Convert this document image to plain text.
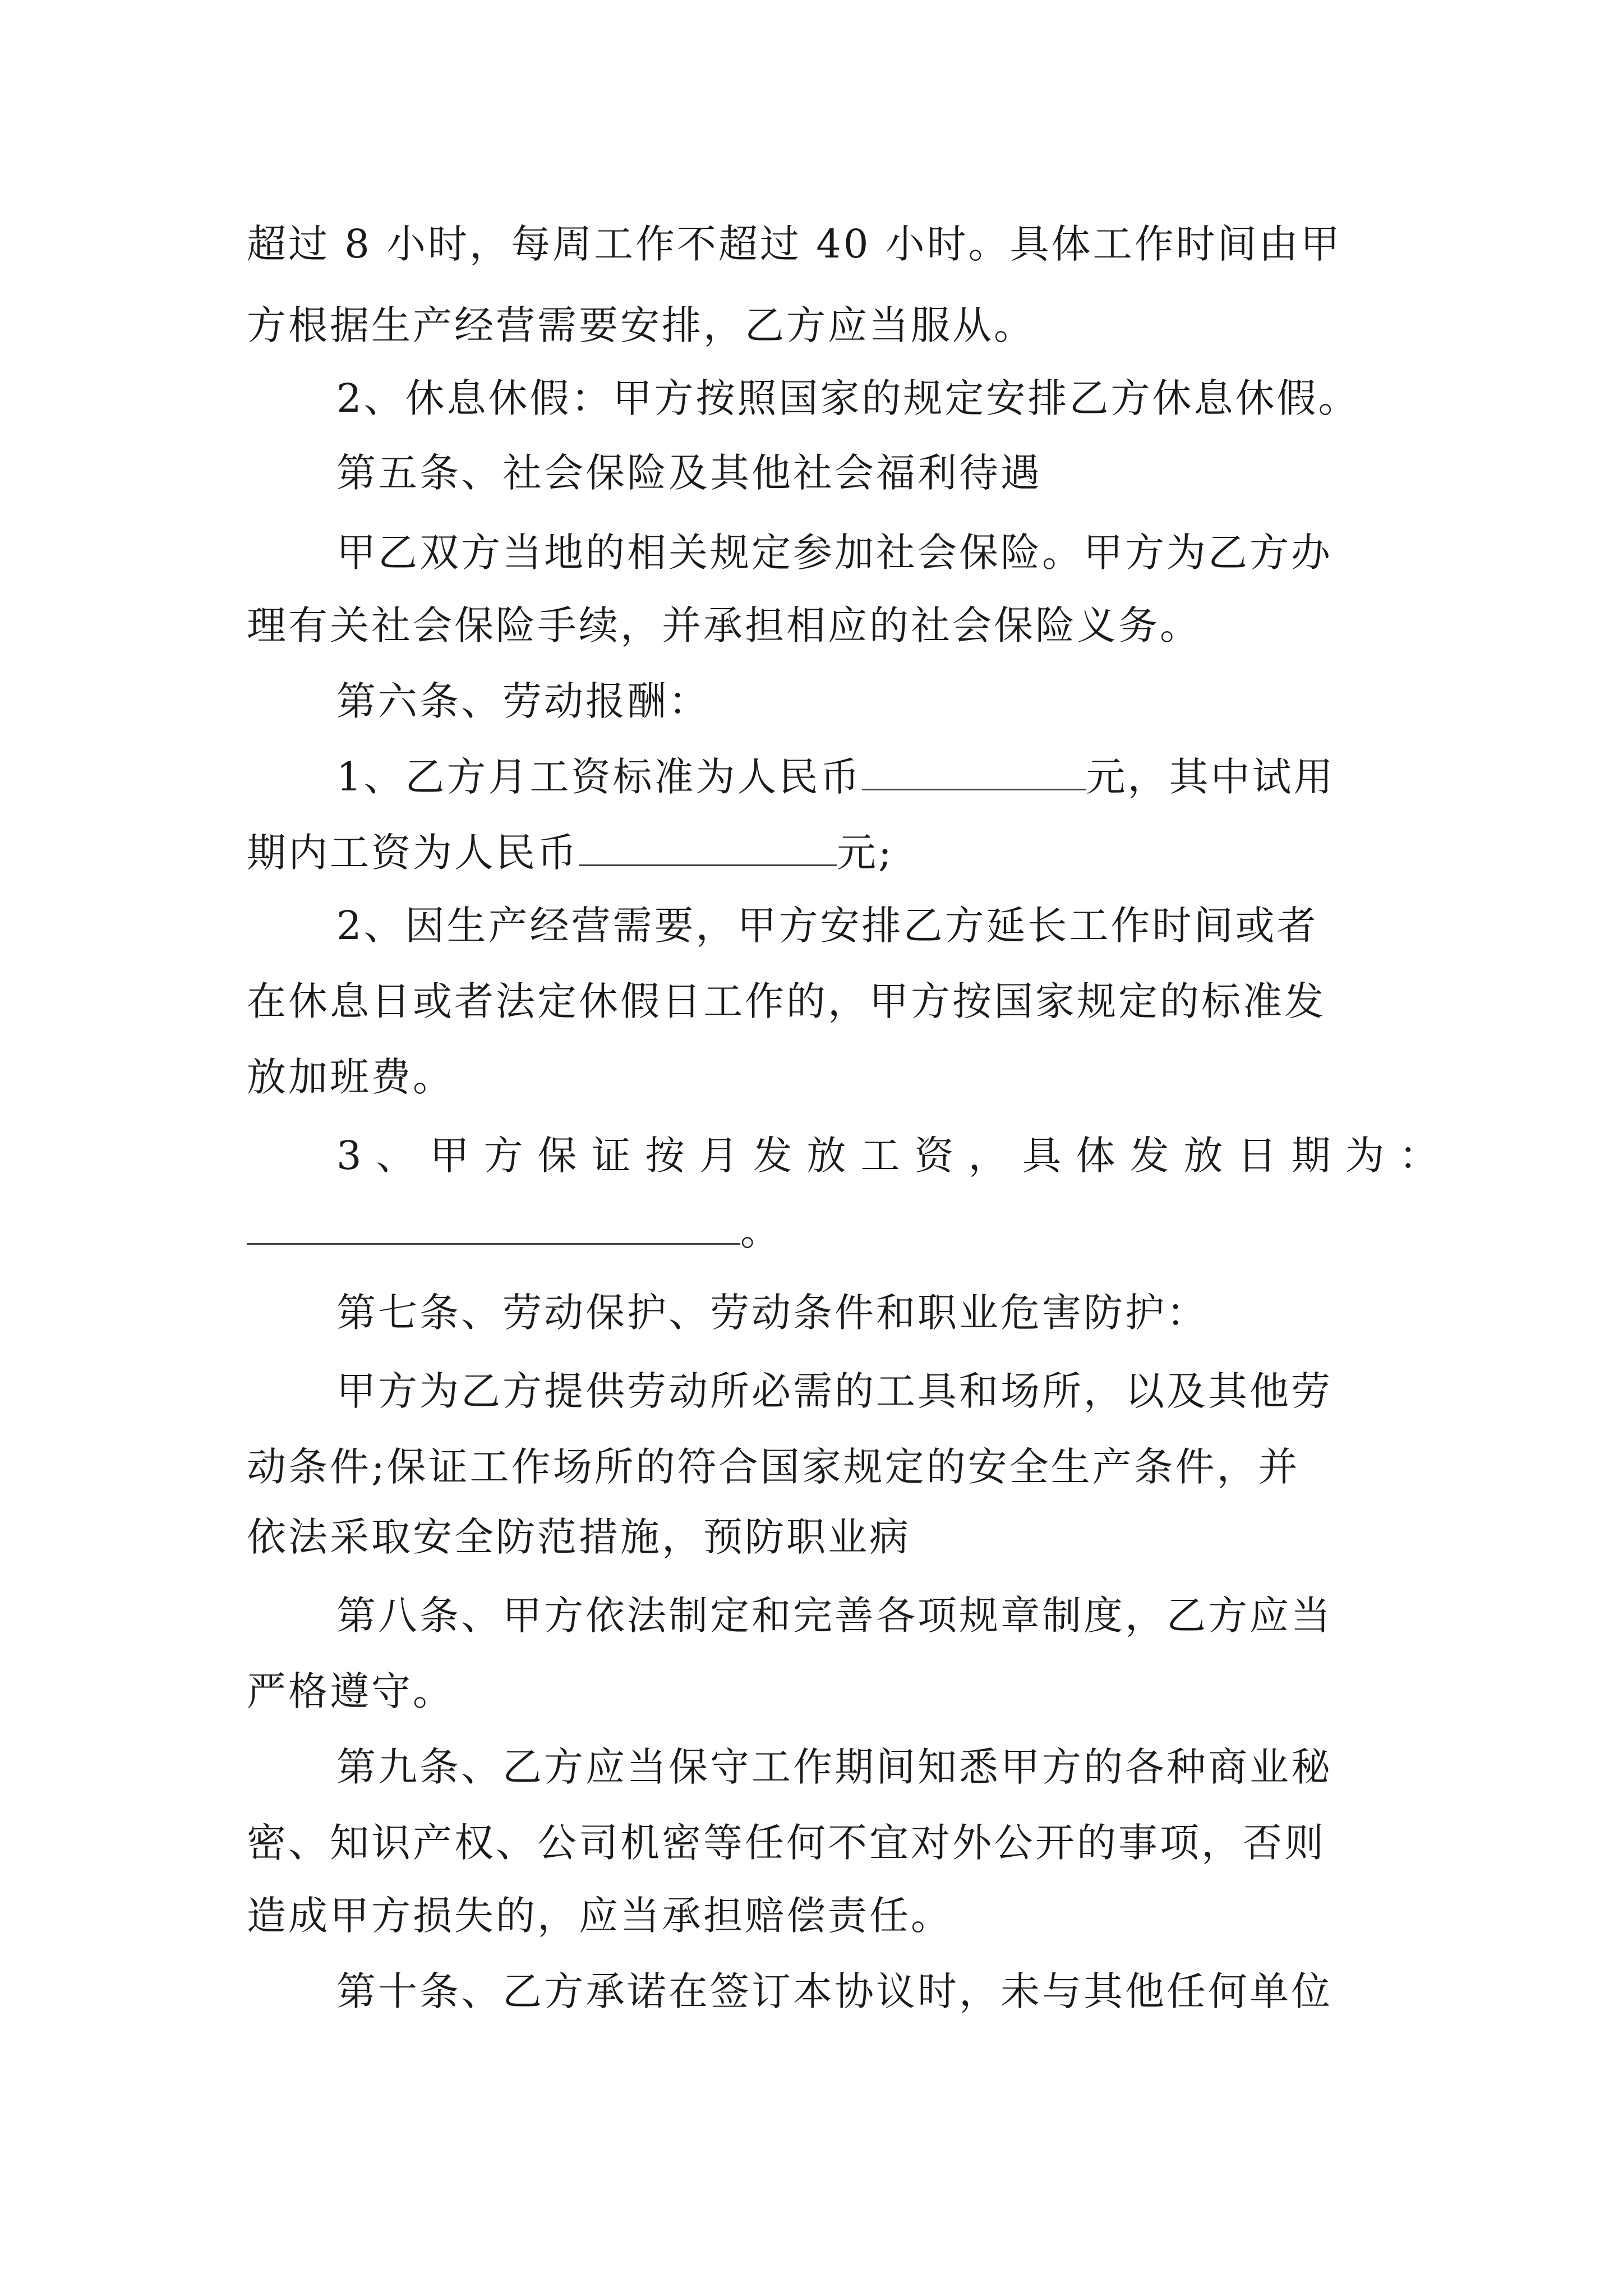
超过 8 小时，每周工作不超过 40 小时。具体工作时间由甲
方根据生产经营需要安排，乙方应当服从。
2、休息休假：甲方按照国家的规定安排乙方休息休假。
第五条、社会保险及其他社会福利待遇
甲乙双方当地的相关规定参加社会保险。甲方为乙方办
理有关社会保险手续，并承担相应的社会保险义务。
第六条、劳动报酬：
1、乙方月工资标准为人民币	元，其中试用
期内工资为人民币	元;
2、因生产经营需要，甲方安排乙方延长工作时间或者
在休息日或者法定休假日工作的，甲方按国家规定的标准发
放加班费。
3、甲方保证按月发放工资，具体发放日期为：
。
第七条、劳动保护、劳动条件和职业危害防护：
甲方为乙方提供劳动所必需的工具和场所，以及其他劳
动条件;保证工作场所的符合国家规定的安全生产条件，并
依法采取安全防范措施，预防职业病
第八条、甲方依法制定和完善各项规章制度，乙方应当
严格遵守。
第九条、乙方应当保守工作期间知悉甲方的各种商业秘
密、知识产权、公司机密等任何不宜对外公开的事项，否则
造成甲方损失的，应当承担赔偿责任。
第十条、乙方承诺在签订本协议时，未与其他任何单位
